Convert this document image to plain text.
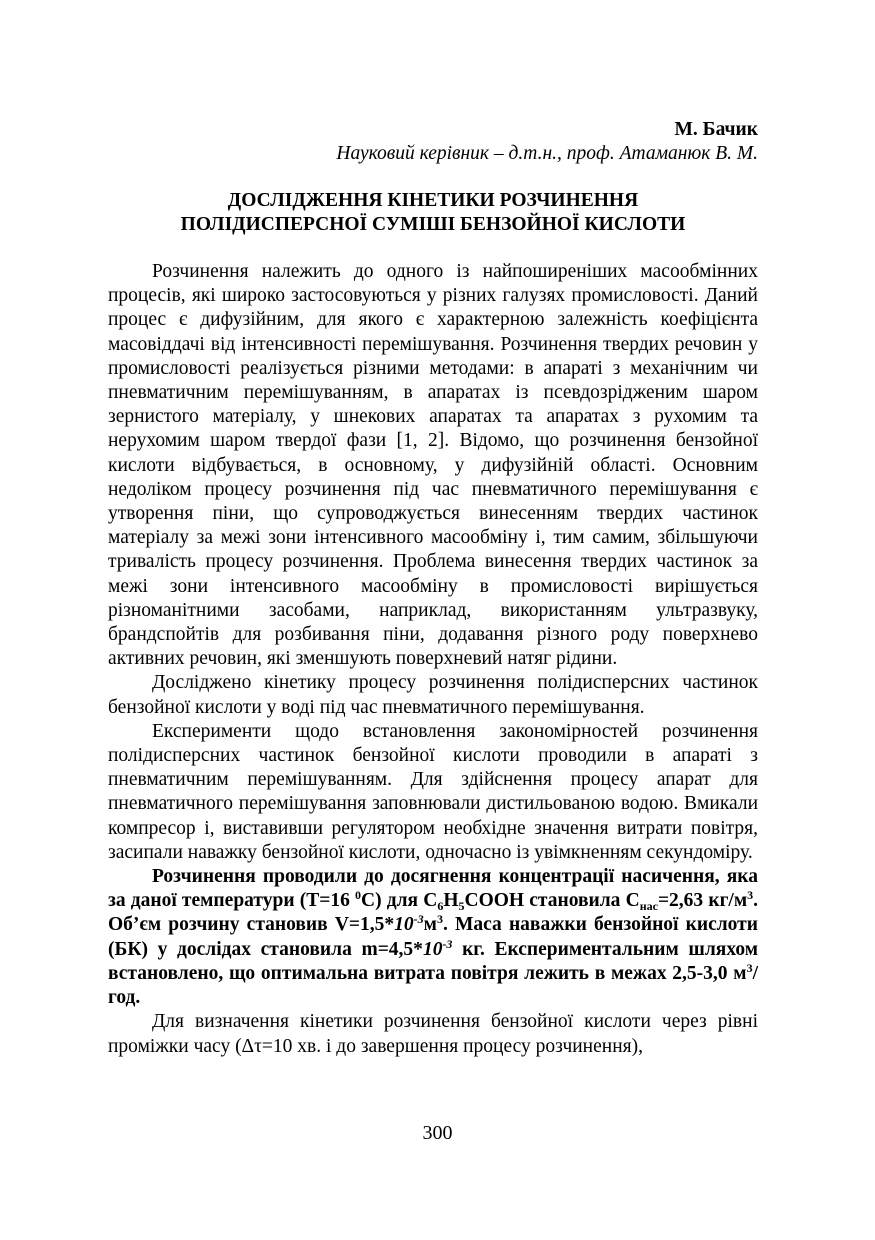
М. Бачик
Науковий керівник – д.т.н., проф. Атаманюк В. М.
ДОСЛІДЖЕННЯ КІНЕТИКИ РОЗЧИНЕННЯ
ПОЛІДИСПЕРСНОЇ СУМІШІ БЕНЗОЙНОЇ КИСЛОТИ

Розчинення належить до одного із найпоширеніших масообмінних процесів, які широко застосовуються у різних галузях промисловості. Даний процес є дифузійним, для якого є характерною залежність коефіцієнта масовіддачі від інтенсивності перемішування. Розчинення твердих речовин у промисловості реалізується різними методами: в апараті з механічним чи пневматичним перемішуванням, в апаратах із псевдозрідженим шаром зернистого матеріалу, у шнекових апаратах та апаратах з рухомим та нерухомим шаром твердої фази [1, 2]. Відомо, що розчинення бензойної кислоти відбувається, в основному, у дифузійній області. Основним недоліком процесу розчинення під час пневматичного перемішування є утворення піни, що супроводжується винесенням твердих частинок матеріалу за межі зони інтенсивного масообміну і, тим самим, збільшуючи тривалість процесу розчинення. Проблема винесення твердих частинок за межі зони інтенсивного масообміну в промисловості вирішується різноманітними засобами, наприклад, використанням ультразвуку, брандспойтів для розбивання піни, додавання різного роду поверхнево активних речовин, які зменшують поверхневий натяг рідини.

Досліджено кінетику процесу розчинення полідисперсних частинок бензойної кислоти у воді під час пневматичного перемішування.

Експерименти щодо встановлення закономірностей розчинення полідисперсних частинок бензойної кислоти проводили в апараті з пневматичним перемішуванням. Для здійснення процесу апарат для пневматичного перемішування заповнювали дистильованою водою. Вмикали компресор і, виставивши регулятором необхідне значення витрати повітря, засипали наважку бензойної кислоти, одночасно із увімкненням секундоміру.

Розчинення проводили до досягнення концентрації насичення, яка за даної температури (Т=16 $^0$С) для $С_6Н_5СООН$ становила $С_{нас}=2,63$ $кг/м^3$. Об’єм розчину становив $V=1,5*10^{-3}м^3$. Маса наважки бензойної кислоти (БК) у дослідах становила $m=4,5*10^{-3}$ кг. Експериментальним шляхом встановлено, що оптимальна витрата повітря лежить в межах 2,5-3,0 $м^3$/год.

Для визначення кінетики розчинення бензойної кислоти через рівні проміжки часу (Δτ=10 хв. і до завершення процесу розчинення),

300
